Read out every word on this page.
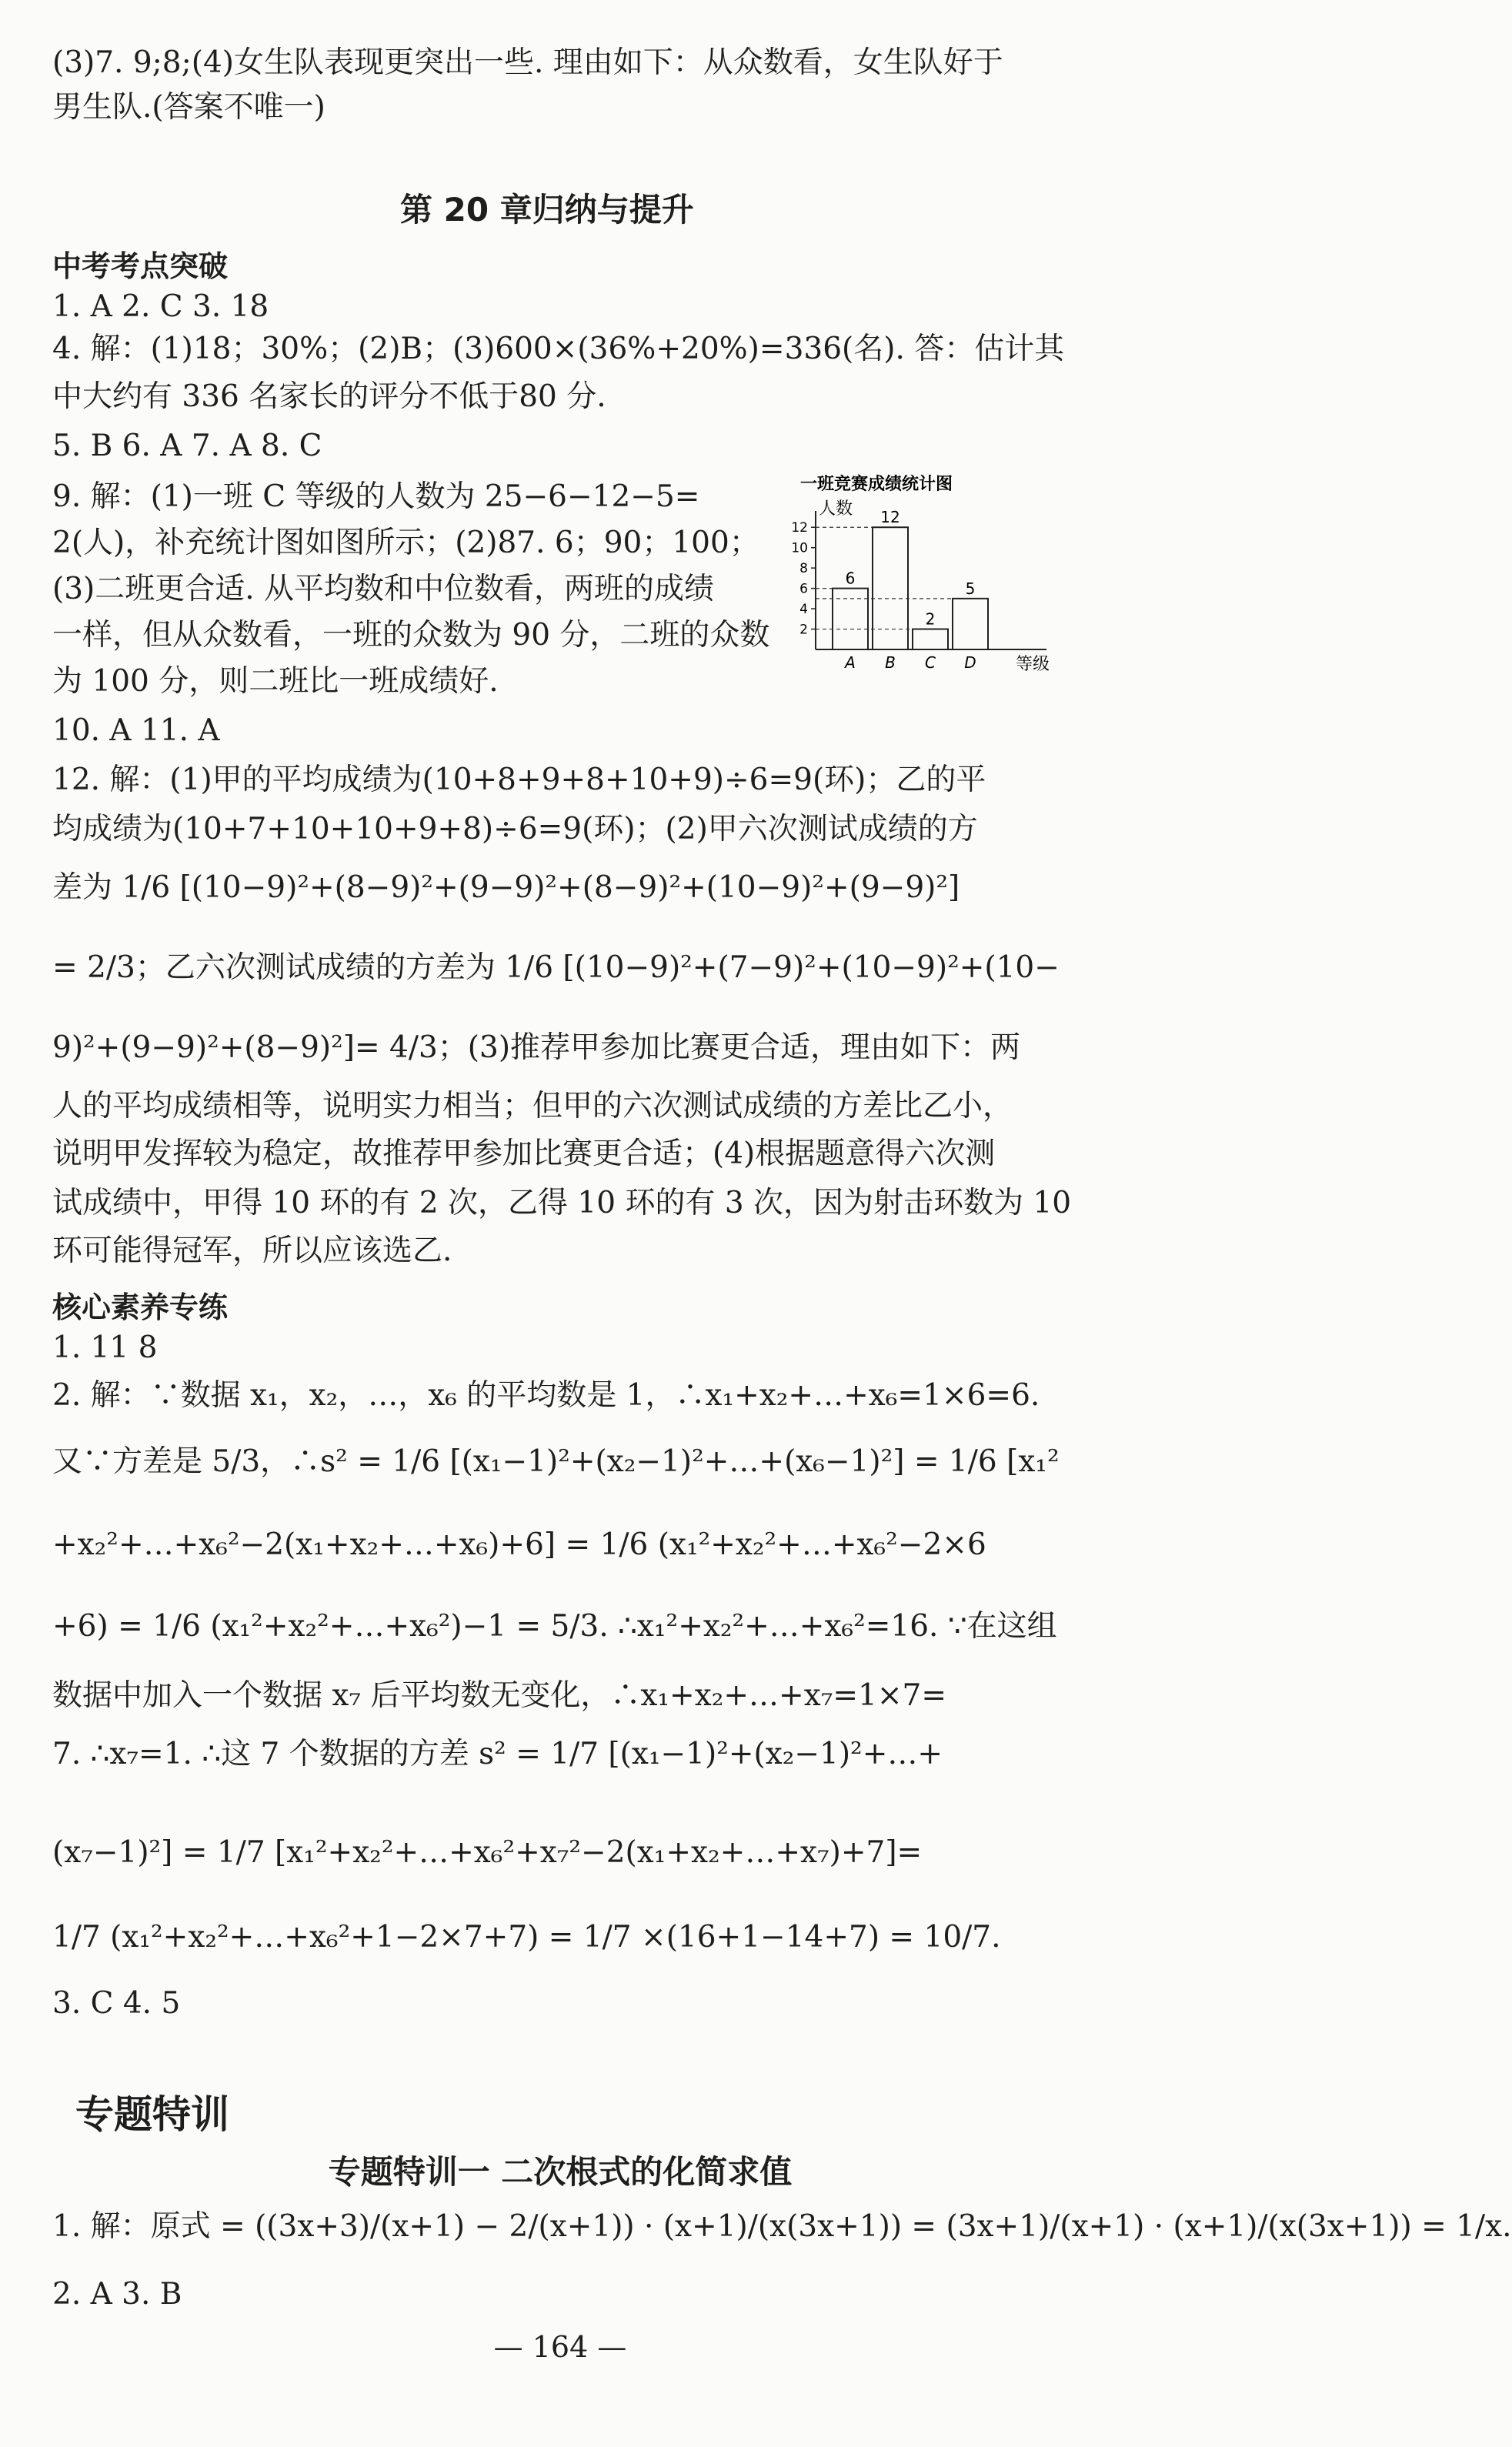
(3)7. 9;8;(4)女生队表现更突出一些. 理由如下：从众数看，女生队好于
男生队.(答案不唯一)
第 20 章归纳与提升
中考考点突破
1. A 2. C 3. 18
4. 解：(1)18；30%；(2)B；(3)600×(36%+20%)=336(名). 答：估计其
中大约有 336 名家长的评分不低于80 分.
5. B 6. A 7. A 8. C
9. 解：(1)一班 C 等级的人数为 25−6−12−5=
2(人)，补充统计图如图所示；(2)87. 6；90；100；
(3)二班更合适. 从平均数和中位数看，两班的成绩
一样，但从众数看，一班的众数为 90 分，二班的众数
为 100 分，则二班比一班成绩好.
一班竞赛成绩统计图
人数
等级
2
4
6
8
10
12
6
A
12
B
2
C
5
D
10. A 11. A
12. 解：(1)甲的平均成绩为(10+8+9+8+10+9)÷6=9(环)；乙的平
均成绩为(10+7+10+10+9+8)÷6=9(环)；(2)甲六次测试成绩的方
差为 1/6 [(10−9)²+(8−9)²+(9−9)²+(8−9)²+(10−9)²+(9−9)²]
= 2/3；乙六次测试成绩的方差为 1/6 [(10−9)²+(7−9)²+(10−9)²+(10−
9)²+(9−9)²+(8−9)²]= 4/3；(3)推荐甲参加比赛更合适，理由如下：两
人的平均成绩相等，说明实力相当；但甲的六次测试成绩的方差比乙小，
说明甲发挥较为稳定，故推荐甲参加比赛更合适；(4)根据题意得六次测
试成绩中，甲得 10 环的有 2 次，乙得 10 环的有 3 次，因为射击环数为 10
环可能得冠军，所以应该选乙.
核心素养专练
1. 11 8
2. 解：∵数据 x₁，x₂，…，x₆ 的平均数是 1，∴x₁+x₂+…+x₆=1×6=6.
又∵方差是 5/3，∴s² = 1/6 [(x₁−1)²+(x₂−1)²+…+(x₆−1)²] = 1/6 [x₁²
+x₂²+…+x₆²−2(x₁+x₂+…+x₆)+6] = 1/6 (x₁²+x₂²+…+x₆²−2×6
+6) = 1/6 (x₁²+x₂²+…+x₆²)−1 = 5/3. ∴x₁²+x₂²+…+x₆²=16. ∵在这组
数据中加入一个数据 x₇ 后平均数无变化，∴x₁+x₂+…+x₇=1×7=
7. ∴x₇=1. ∴这 7 个数据的方差 s² = 1/7 [(x₁−1)²+(x₂−1)²+…+
(x₇−1)²] = 1/7 [x₁²+x₂²+…+x₆²+x₇²−2(x₁+x₂+…+x₇)+7]=
1/7 (x₁²+x₂²+…+x₆²+1−2×7+7) = 1/7 ×(16+1−14+7) = 10/7.
3. C 4. 5
专题特训
专题特训一 二次根式的化简求值
1. 解：原式 = ((3x+3)/(x+1) − 2/(x+1)) · (x+1)/(x(3x+1)) = (3x+1)/(x+1) · (x+1)/(x(3x+1)) = 1/x.
2. A 3. B
— 164 —
